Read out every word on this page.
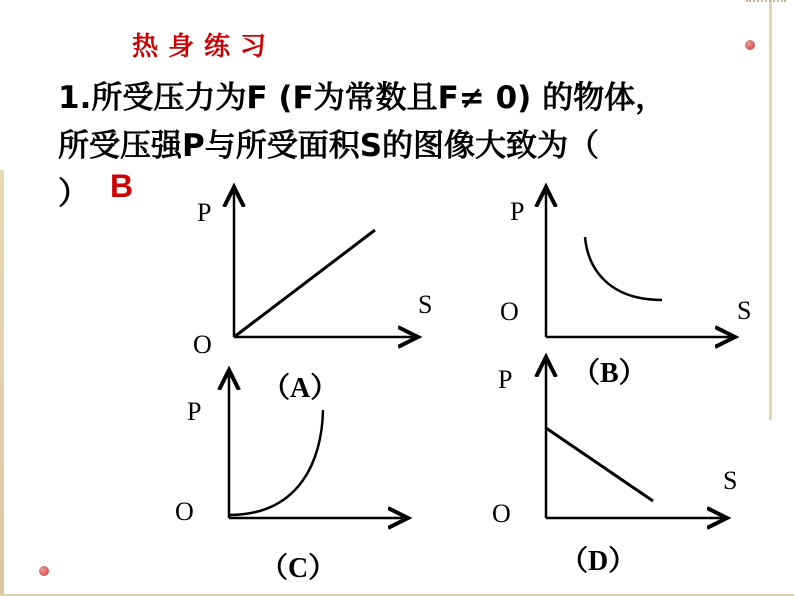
热身练习
1.所受压力为F (F为常数且F≠ 0) 的物体，
所受压强P与所受面积S的图像大致为（
） B
P
S
O
（A）
P
S
O
（B）
P
O
（C）
P
S
O
（D）
